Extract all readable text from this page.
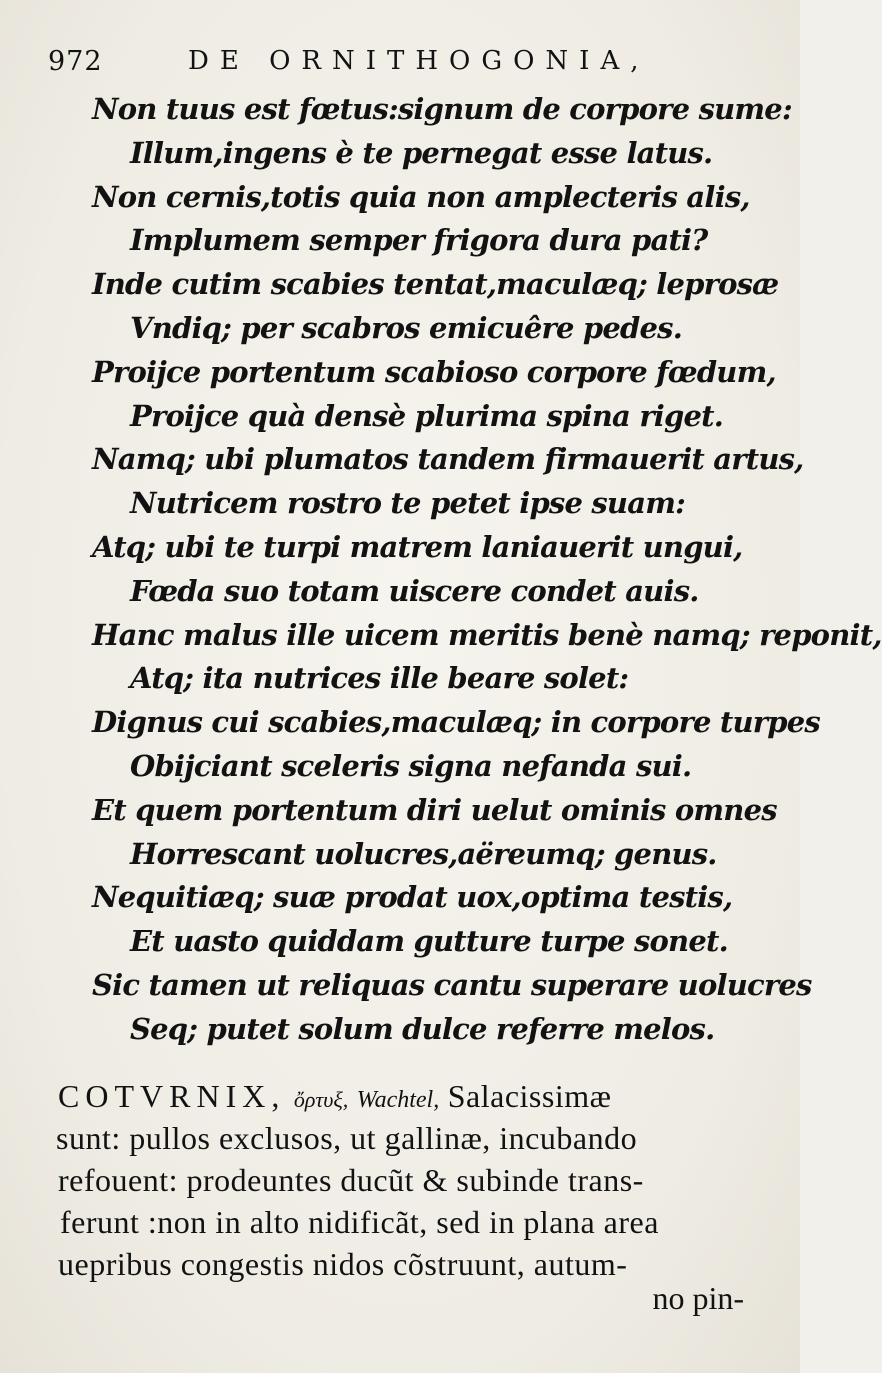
972	DE ORNITHOGONIA,
Non tuus est fœtus:signum de corpore sume:
Illum,ingens è te pernegat esse latus.
Non cernis,totis quia non amplecteris alis,
Implumem semper frigora dura pati?
Inde cutim scabies tentat,maculæq; leprosæ
Vndiq; per scabros emicuêre pedes.
Proijce portentum scabioso corpore fœdum,
Proijce quà densè plurima spina riget.
Namq; ubi plumatos tandem firmauerit artus,
Nutricem rostro te petet ipse suam:
Atq; ubi te turpi matrem laniauerit ungui,
Fœda suo totam uiscere condet auis.
Hanc malus ille uicem meritis benè namq; reponit,
Atq; ita nutrices ille beare solet:
Dignus cui scabies,maculæq; in corpore turpes
Obijciant sceleris signa nefanda sui.
Et quem portentum diri uelut ominis omnes
Horrescant uolucres,aëreumq; genus.
Nequitiæq; suæ prodat uox,optima testis,
Et uasto quiddam gutture turpe sonet.
Sic tamen ut reliquas cantu superare uolucres
Seq; putet solum dulce referre melos.
COTVRNIX, ὄρτυξ, Wachtel, Salacissimæ
sunt: pullos exclusos, ut gallinæ, incubando
refouent: prodeuntes ducũt & subinde trans-
ferunt :non in alto nidificãt, sed in plana area
uepribus congestis nidos cõstruunt, autum-
no pin-
